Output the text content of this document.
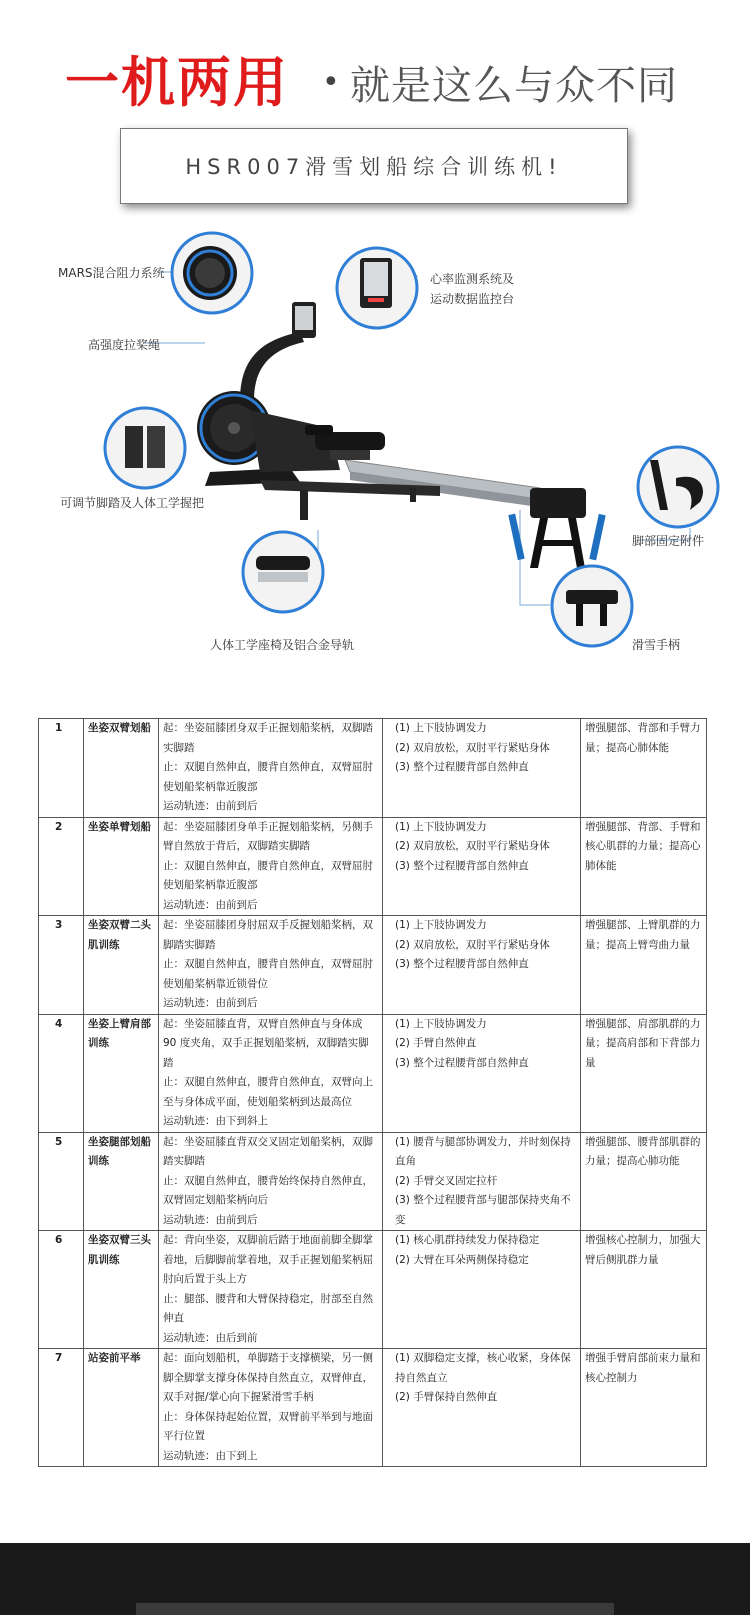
一机两用 • 就是这么与众不同
HSR007滑雪划船综合训练机!
MARS混合阻力系统
高强度拉桨绳
心率监测系统及
运动数据监控台
可调节脚踏及人体工学握把
脚部固定附件
人体工学座椅及铝合金导轨	滑雪手柄
1	坐姿双臂划船	起：坐姿屈膝团身双手正握划船桨柄，双脚踏实脚踏
止：双腿自然伸直，腰背自然伸直，双臂屈肘使划船桨柄靠近腹部
运动轨迹：由前到后	(1) 上下肢协调发力
(2) 双肩放松，双肘平行紧贴身体
(3) 整个过程腰背部自然伸直	增强腿部、背部和手臂力量；提高心肺体能
2	坐姿单臂划船	起：坐姿屈膝团身单手正握划船桨柄，另侧手臂自然放于背后，双脚踏实脚踏
止：双腿自然伸直，腰背自然伸直，双臂屈肘使划船桨柄靠近腹部
运动轨迹：由前到后	(1) 上下肢协调发力
(2) 双肩放松，双肘平行紧贴身体
(3) 整个过程腰背部自然伸直	增强腿部、背部、手臂和核心肌群的力量；提高心肺体能
3	坐姿双臂二头肌训练	起：坐姿屈膝团身肘屈双手反握划船桨柄，双脚踏实脚踏
止：双腿自然伸直，腰背自然伸直，双臂屈肘使划船桨柄靠近锁骨位
运动轨迹：由前到后	(1) 上下肢协调发力
(2) 双肩放松，双肘平行紧贴身体
(3) 整个过程腰背部自然伸直	增强腿部、上臂肌群的力量；提高上臂弯曲力量
4	坐姿上臂肩部训练	起：坐姿屈膝直背，双臂自然伸直与身体成 90 度夹角，双手正握划船桨柄，双脚踏实脚踏
止：双腿自然伸直，腰背自然伸直，双臂向上至与身体成平面，使划船桨柄到达最高位
运动轨迹：由下到斜上	(1) 上下肢协调发力
(2) 手臂自然伸直
(3) 整个过程腰背部自然伸直	增强腿部、肩部肌群的力量；提高肩部和下背部力量
5	坐姿腿部划船训练	起：坐姿屈膝直背双交叉固定划船桨柄，双脚踏实脚踏
止：双腿自然伸直，腰背始终保持自然伸直，双臂固定划船桨柄向后
运动轨迹：由前到后	(1) 腰背与腿部协调发力，并时刻保持直角
(2) 手臂交叉固定拉杆
(3) 整个过程腰背部与腿部保持夹角不变	增强腿部、腰背部肌群的力量；提高心肺功能
6	坐姿双臂三头肌训练	起：背向坐姿，双脚前后踏于地面前脚全脚掌着地，后脚脚前掌着地，双手正握划船桨柄屈肘向后置于头上方
止：腿部、腰背和大臂保持稳定，肘部至自然伸直
运动轨迹：由后到前	(1) 核心肌群持续发力保持稳定
(2) 大臂在耳朵两侧保持稳定	增强核心控制力，加强大臂后侧肌群力量
7	站姿前平举	起：面向划船机，单脚踏于支撑横梁，另一侧脚全脚掌支撑身体保持自然直立，双臂伸直，双手对握/掌心向下握紧滑雪手柄
止：身体保持起始位置，双臂前平举到与地面平行位置
运动轨迹：由下到上	(1) 双脚稳定支撑，核心收紧，身体保持自然直立
(2) 手臂保持自然伸直	增强手臂肩部前束力量和核心控制力
